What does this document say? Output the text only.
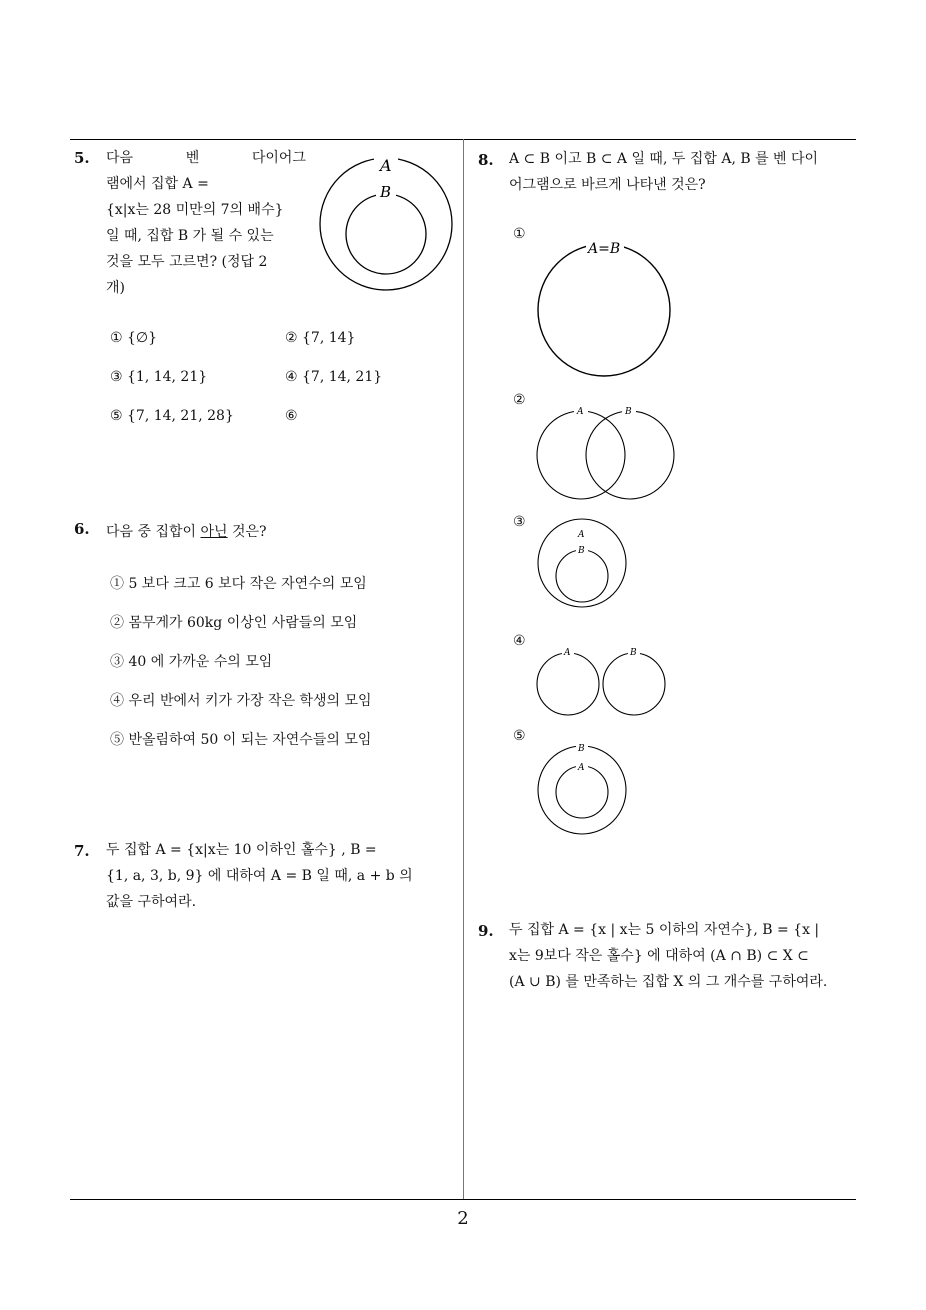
5. 다음	벤	다이어그
램에서 집합 A =
{x|x는 28 미만의 7의 배수}
일 때, 집합 B 가 될 수 있는
것을 모두 고르면? (정답 2
개)
A
B
① {∅}	② {7, 14}
③ {1, 14, 21}	④ {7, 14, 21}
⑤ {7, 14, 21, 28}	⑥
6. 다음 중 집합이 아닌 것은?
① 5 보다 크고 6 보다 작은 자연수의 모임
② 몸무게가 60kg 이상인 사람들의 모임
③ 40 에 가까운 수의 모임
④ 우리 반에서 키가 가장 작은 학생의 모임
⑤ 반올림하여 50 이 되는 자연수들의 모임
7. 두 집합 A = {x|x는 10 이하인 홀수} , B =
{1, a, 3, b, 9} 에 대하여 A = B 일 때, a + b 의
값을 구하여라.
8. A ⊂ B 이고 B ⊂ A 일 때, 두 집합 A, B 를 벤 다이
어그램으로 바르게 나타낸 것은?
①
A=B
②
A	B
③
A
B
④
A	B
⑤
B
A
9. 두 집합 A = {x | x는 5 이하의 자연수}, B = {x |
x는 9보다 작은 홀수} 에 대하여 (A ∩ B) ⊂ X ⊂
(A ∪ B) 를 만족하는 집합 X 의 그 개수를 구하여라.
2
